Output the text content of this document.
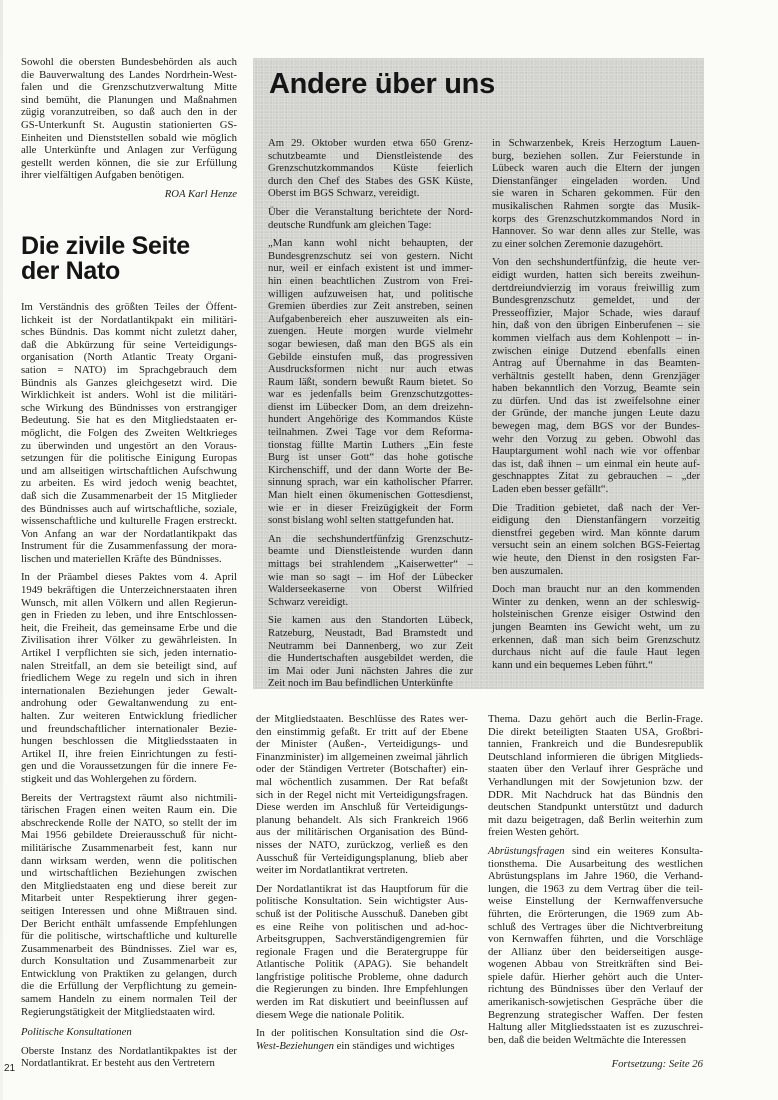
Sowohl die obersten Bundesbehörden als auch
die Bauverwaltung des Landes Nordrhein-West-
falen und die Grenzschutzverwaltung Mitte
sind bemüht, die Planungen und Maßnahmen
zügig voranzutreiben, so daß auch den in der
GS-Unterkunft St. Augustin stationierten GS-
Einheiten und Dienststellen sobald wie möglich
alle Unterkünfte und Anlagen zur Verfügung
gestellt werden können, die sie zur Erfüllung
ihrer vielfältigen Aufgaben benötigen.
ROA Karl Henze
Die zivile Seite
der Nato
Im Verständnis des größten Teiles der Öffent-
lichkeit ist der Nordatlantikpakt ein militäri-
sches Bündnis. Das kommt nicht zuletzt daher,
daß die Abkürzung für seine Verteidigungs-
organisation (North Atlantic Treaty Organi-
sation = NATO) im Sprachgebrauch dem
Bündnis als Ganzes gleichgesetzt wird. Die
Wirklichkeit ist anders. Wohl ist die militäri-
sche Wirkung des Bündnisses von erstrangiger
Bedeutung. Sie hat es den Mitgliedstaaten er-
möglicht, die Folgen des Zweiten Weltkrieges
zu überwinden und ungestört an den Voraus-
setzungen für die politische Einigung Europas
und am allseitigen wirtschaftlichen Aufschwung
zu arbeiten. Es wird jedoch wenig beachtet,
daß sich die Zusammenarbeit der 15 Mitglieder
des Bündnisses auch auf wirtschaftliche, soziale,
wissenschaftliche und kulturelle Fragen erstreckt.
Von Anfang an war der Nordatlantikpakt das
Instrument für die Zusammenfassung der mora-
lischen und materiellen Kräfte des Bündnisses.
In der Präambel dieses Paktes vom 4. April
1949 bekräftigen die Unterzeichnerstaaten ihren
Wunsch, mit allen Völkern und allen Regierun-
gen in Frieden zu leben, und ihre Entschlossen-
heit, die Freiheit, das gemeinsame Erbe und die
Zivilisation ihrer Völker zu gewährleisten. In
Artikel I verpflichten sie sich, jeden internatio-
nalen Streitfall, an dem sie beteiligt sind, auf
friedlichem Wege zu regeln und sich in ihren
internationalen Beziehungen jeder Gewalt-
androhung oder Gewaltanwendung zu ent-
halten. Zur weiteren Entwicklung friedlicher
und freundschaftlicher internationaler Bezie-
hungen beschlossen die Mitgliedsstaaten in
Artikel II, ihre freien Einrichtungen zu festi-
gen und die Voraussetzungen für die innere Fe-
stigkeit und das Wohlergehen zu fördern.
Bereits der Vertragstext räumt also nichtmili-
tärischen Fragen einen weiten Raum ein. Die
abschreckende Rolle der NATO, so stellt der im
Mai 1956 gebildete Dreierausschuß für nicht-
militärische Zusammenarbeit fest, kann nur
dann wirksam werden, wenn die politischen
und wirtschaftlichen Beziehungen zwischen
den Mitgliedstaaten eng und diese bereit zur
Mitarbeit unter Respektierung ihrer gegen-
seitigen Interessen und ohne Mißtrauen sind.
Der Bericht enthält umfassende Empfehlungen
für die politische, wirtschaftliche und kulturelle
Zusammenarbeit des Bündnisses. Ziel war es,
durch Konsultation und Zusammenarbeit zur
Entwicklung von Praktiken zu gelangen, durch
die die Erfüllung der Verpflichtung zu gemein-
samem Handeln zu einem normalen Teil der
Regierungstätigkeit der Mitgliedstaaten wird.
Politische Konsultationen
Oberste Instanz des Nordatlantikpaktes ist der
Nordatlantikrat. Er besteht aus den Vertretern
Andere über uns
Am 29. Oktober wurden etwa 650 Grenz-
schutzbeamte und Dienstleistende des
Grenzschutzkommandos Küste feierlich
durch den Chef des Stabes des GSK Küste,
Oberst im BGS Schwarz, vereidigt.
Über die Veranstaltung berichtete der Nord-
deutsche Rundfunk am gleichen Tage:
„Man kann wohl nicht behaupten, der
Bundesgrenzschutz sei von gestern. Nicht
nur, weil er einfach existent ist und immer-
hin einen beachtlichen Zustrom von Frei-
willigen aufzuweisen hat, und politische
Gremien überdies zur Zeit anstreben, seinen
Aufgabenbereich eher auszuweiten als ein-
zuengen. Heute morgen wurde vielmehr
sogar bewiesen, daß man den BGS als ein
Gebilde einstufen muß, das progressiven
Ausdrucksformen nicht nur auch etwas
Raum läßt, sondern bewußt Raum bietet. So
war es jedenfalls beim Grenzschutzgottes-
dienst im Lübecker Dom, an dem dreizehn-
hundert Angehörige des Kommandos Küste
teilnahmen. Zwei Tage vor dem Reforma-
tionstag füllte Martin Luthers „Ein feste
Burg ist unser Gott“ das hohe gotische
Kirchenschiff, und der dann Worte der Be-
sinnung sprach, war ein katholischer Pfarrer.
Man hielt einen ökumenischen Gottesdienst,
wie er in dieser Freizügigkeit der Form
sonst bislang wohl selten stattgefunden hat.
An die sechshundertfünfzig Grenzschutz-
beamte und Dienstleistende wurden dann
mittags bei strahlendem „Kaiserwetter“ –
wie man so sagt – im Hof der Lübecker
Walderseekaserne von Oberst Wilfried
Schwarz vereidigt.
Sie kamen aus den Standorten Lübeck,
Ratzeburg, Neustadt, Bad Bramstedt und
Neutramm bei Dannenberg, wo zur Zeit
die Hundertschaften ausgebildet werden, die
im Mai oder Juni nächsten Jahres die zur
Zeit noch im Bau befindlichen Unterkünfte
in Schwarzenbek, Kreis Herzogtum Lauen-
burg, beziehen sollen. Zur Feierstunde in
Lübeck waren auch die Eltern der jungen
Dienstanfänger eingeladen worden. Und
sie waren in Scharen gekommen. Für den
musikalischen Rahmen sorgte das Musik-
korps des Grenzschutzkommandos Nord in
Hannover. So war denn alles zur Stelle, was
zu einer solchen Zeremonie dazugehört.
Von den sechshundertfünfzig, die heute ver-
eidigt wurden, hatten sich bereits zweihun-
dertdreiundvierzig im voraus freiwillig zum
Bundesgrenzschutz gemeldet, und der
Presseoffizier, Major Schade, wies darauf
hin, daß von den übrigen Einberufenen – sie
kommen vielfach aus dem Kohlenpott – in-
zwischen einige Dutzend ebenfalls einen
Antrag auf Übernahme in das Beamten-
verhältnis gestellt haben, denn Grenzjäger
haben bekanntlich den Vorzug, Beamte sein
zu dürfen. Und das ist zweifelsohne einer
der Gründe, der manche jungen Leute dazu
bewegen mag, dem BGS vor der Bundes-
wehr den Vorzug zu geben. Obwohl das
Hauptargument wohl nach wie vor offenbar
das ist, daß ihnen – um einmal ein heute auf-
geschnapptes Zitat zu gebrauchen – „der
Laden eben besser gefällt“.
Die Tradition gebietet, daß nach der Ver-
eidigung den Dienstanfängern vorzeitig
dienstfrei gegeben wird. Man könnte darum
versucht sein an einem solchen BGS-Feiertag
wie heute, den Dienst in den rosigsten Far-
ben auszumalen.
Doch man braucht nur an den kommenden
Winter zu denken, wenn an der schleswig-
holsteinischen Grenze eisiger Ostwind den
jungen Beamten ins Gewicht weht, um zu
erkennen, daß man sich beim Grenzschutz
durchaus nicht auf die faule Haut legen
kann und ein bequemes Leben führt.“
der Mitgliedstaaten. Beschlüsse des Rates wer-
den einstimmig gefaßt. Er tritt auf der Ebene
der Minister (Außen-, Verteidigungs- und
Finanzminister) im allgemeinen zweimal jährlich
oder der Ständigen Vertreter (Botschafter) ein-
mal wöchentlich zusammen. Der Rat befaßt
sich in der Regel nicht mit Verteidigungsfragen.
Diese werden im Anschluß für Verteidigungs-
planung behandelt. Als sich Frankreich 1966
aus der militärischen Organisation des Bünd-
nisses der NATO, zurückzog, verließ es den
Ausschuß für Verteidigungsplanung, blieb aber
weiter im Nordatlantikrat vertreten.
Der Nordatlantikrat ist das Hauptforum für die
politische Konsultation. Sein wichtigster Aus-
schuß ist der Politische Ausschuß. Daneben gibt
es eine Reihe von politischen und ad-hoc-
Arbeitsgruppen, Sachverständigengremien für
regionale Fragen und die Beratergruppe für
Atlantische Politik (APAG). Sie behandelt
langfristige politische Probleme, ohne dadurch
die Regierungen zu binden. Ihre Empfehlungen
werden im Rat diskutiert und beeinflussen auf
diesem Wege die nationale Politik.
In der politischen Konsultation sind die Ost-
West-Beziehungen ein ständiges und wichtiges
Thema. Dazu gehört auch die Berlin-Frage.
Die direkt beteiligten Staaten USA, Großbri-
tannien, Frankreich und die Bundesrepublik
Deutschland informieren die übrigen Mitglieds-
staaten über den Verlauf ihrer Gespräche und
Verhandlungen mit der Sowjetunion bzw. der
DDR. Mit Nachdruck hat das Bündnis den
deutschen Standpunkt unterstützt und dadurch
mit dazu beigetragen, daß Berlin weiterhin zum
freien Westen gehört.
Abrüstungsfragen sind ein weiteres Konsulta-
tionsthema. Die Ausarbeitung des westlichen
Abrüstungsplans im Jahre 1960, die Verhand-
lungen, die 1963 zu dem Vertrag über die teil-
weise Einstellung der Kernwaffenversuche
führten, die Erörterungen, die 1969 zum Ab-
schluß des Vertrages über die Nichtverbreitung
von Kernwaffen führten, und die Vorschläge
der Allianz über den beiderseitigen ausge-
wogenen Abbau von Streitkräften sind Bei-
spiele dafür. Hierher gehört auch die Unter-
richtung des Bündnisses über den Verlauf der
amerikanisch-sowjetischen Gespräche über die
Begrenzung strategischer Waffen. Der festen
Haltung aller Mitgliedsstaaten ist es zuzuschrei-
ben, daß die beiden Weltmächte die Interessen
Fortsetzung: Seite 26
21
